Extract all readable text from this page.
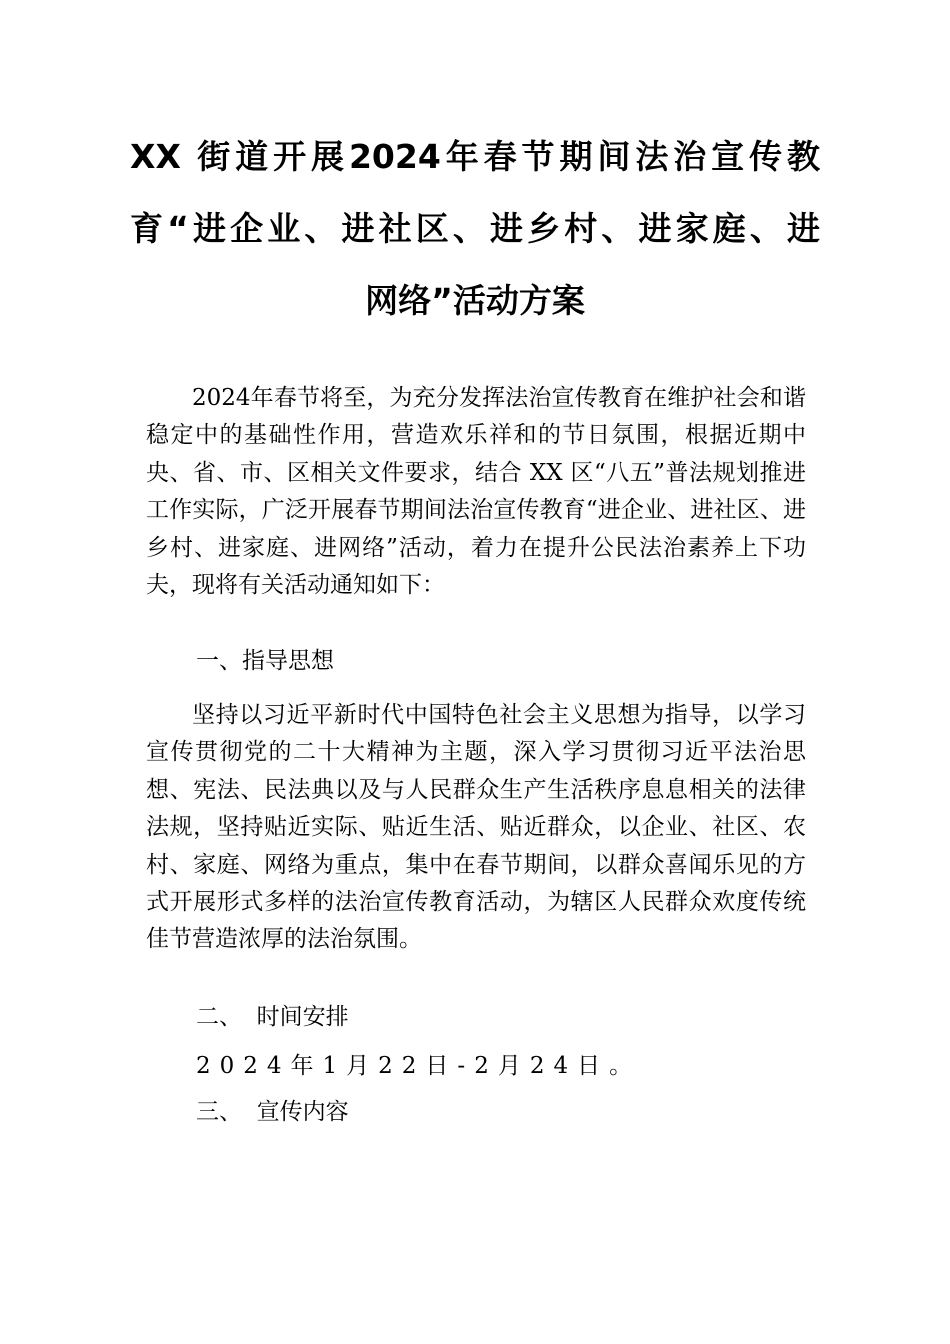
XX 街道开展2024年春节期间法治宣传教
育“进企业、进社区、进乡村、进家庭、进
网络”活动方案

2024年春节将至，为充分发挥法治宣传教育在维护社会和谐稳定中的基础性作用，营造欢乐祥和的节日氛围，根据近期中央、省、市、区相关文件要求，结合 XX 区“八五”普法规划推进工作实际，广泛开展春节期间法治宣传教育“进企业、进社区、进乡村、进家庭、进网络”活动，着力在提升公民法治素养上下功夫，现将有关活动通知如下：

一、指导思想

坚持以习近平新时代中国特色社会主义思想为指导，以学习宣传贯彻党的二十大精神为主题，深入学习贯彻习近平法治思想、宪法、民法典以及与人民群众生产生活秩序息息相关的法律法规，坚持贴近实际、贴近生活、贴近群众，以企业、社区、农村、家庭、网络为重点，集中在春节期间，以群众喜闻乐见的方式开展形式多样的法治宣传教育活动，为辖区人民群众欢度传统佳节营造浓厚的法治氛围。

二、  时间安排

2024年1月22日-2月24日。

三、  宣传内容
